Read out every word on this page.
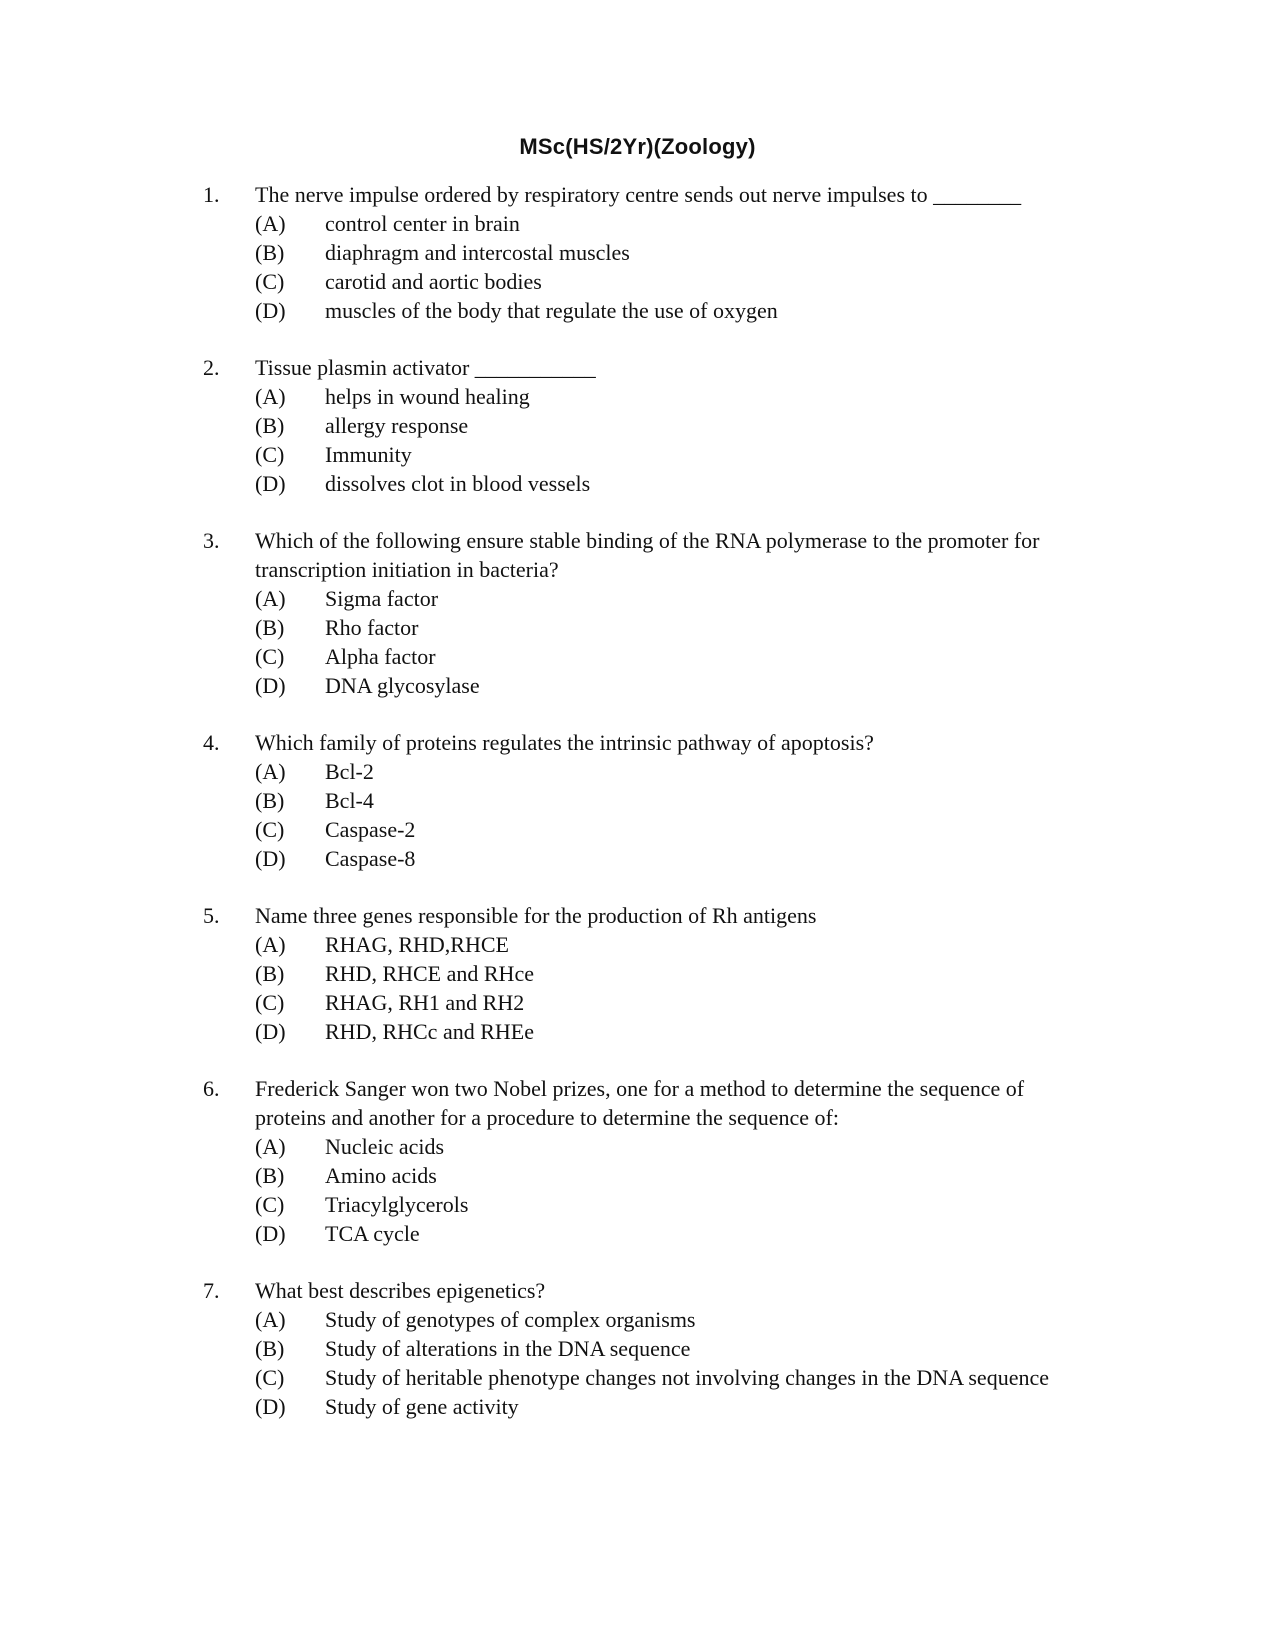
MSc(HS/2Yr)(Zoology)
1. The nerve impulse ordered by respiratory centre sends out nerve impulses to ________
(A) control center in brain
(B) diaphragm and intercostal muscles
(C) carotid and aortic bodies
(D) muscles of the body that regulate the use of oxygen
2. Tissue plasmin activator ___________
(A) helps in wound healing
(B) allergy response
(C) Immunity
(D) dissolves clot in blood vessels
3. Which of the following ensure stable binding of the RNA polymerase to the promoter for transcription initiation in bacteria?
(A) Sigma factor
(B) Rho factor
(C) Alpha factor
(D) DNA glycosylase
4. Which family of proteins regulates the intrinsic pathway of apoptosis?
(A) Bcl-2
(B) Bcl-4
(C) Caspase-2
(D) Caspase-8
5. Name three genes responsible for the production of Rh antigens
(A) RHAG, RHD,RHCE
(B) RHD, RHCE and RHce
(C) RHAG, RH1 and RH2
(D) RHD, RHCc and RHEe
6. Frederick Sanger won two Nobel prizes, one for a method to determine the sequence of proteins and another for a procedure to determine the sequence of:
(A) Nucleic acids
(B) Amino acids
(C) Triacylglycerols
(D) TCA cycle
7. What best describes epigenetics?
(A) Study of genotypes of complex organisms
(B) Study of alterations in the DNA sequence
(C) Study of heritable phenotype changes not involving changes in the DNA sequence
(D) Study of gene activity
